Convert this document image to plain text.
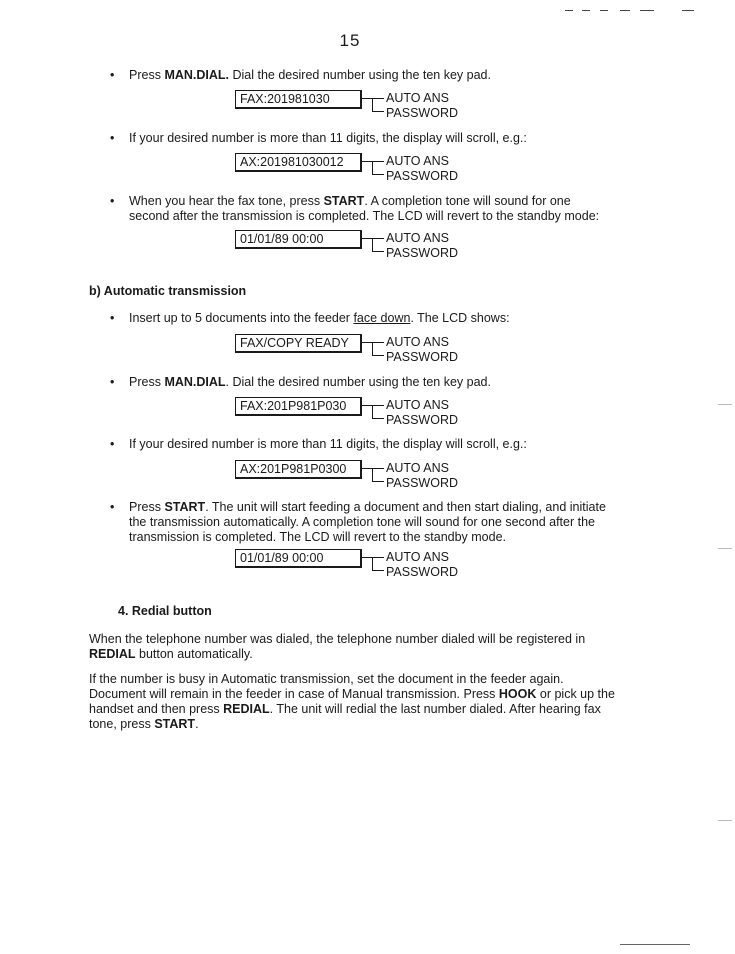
15
•	Press MAN.DIAL. Dial the desired number using the ten key pad.
FAX:201981030	AUTO ANS
PASSWORD
•	If your desired number is more than 11 digits, the display will scroll, e.g.:
AX:201981030012	AUTO ANS
PASSWORD
•	When you hear the fax tone, press START. A completion tone will sound for one second after the transmission is completed. The LCD will revert to the standby mode:
01/01/89 00:00	AUTO ANS
PASSWORD
b) Automatic transmission
•	Insert up to 5 documents into the feeder face down. The LCD shows:
FAX/COPY READY	AUTO ANS
PASSWORD
•	Press MAN.DIAL. Dial the desired number using the ten key pad.
FAX:201P981P030	AUTO ANS
PASSWORD
•	If your desired number is more than 11 digits, the display will scroll, e.g.:
AX:201P981P0300	AUTO ANS
PASSWORD
•	Press START. The unit will start feeding a document and then start dialing, and initiate the transmission automatically. A completion tone will sound for one second after the transmission is completed. The LCD will revert to the standby mode.
01/01/89 00:00	AUTO ANS
PASSWORD
4. Redial button
When the telephone number was dialed, the telephone number dialed will be registered in REDIAL button automatically.
If the number is busy in Automatic transmission, set the document in the feeder again. Document will remain in the feeder in case of Manual transmission. Press HOOK or pick up the handset and then press REDIAL. The unit will redial the last number dialed. After hearing fax tone, press START.
